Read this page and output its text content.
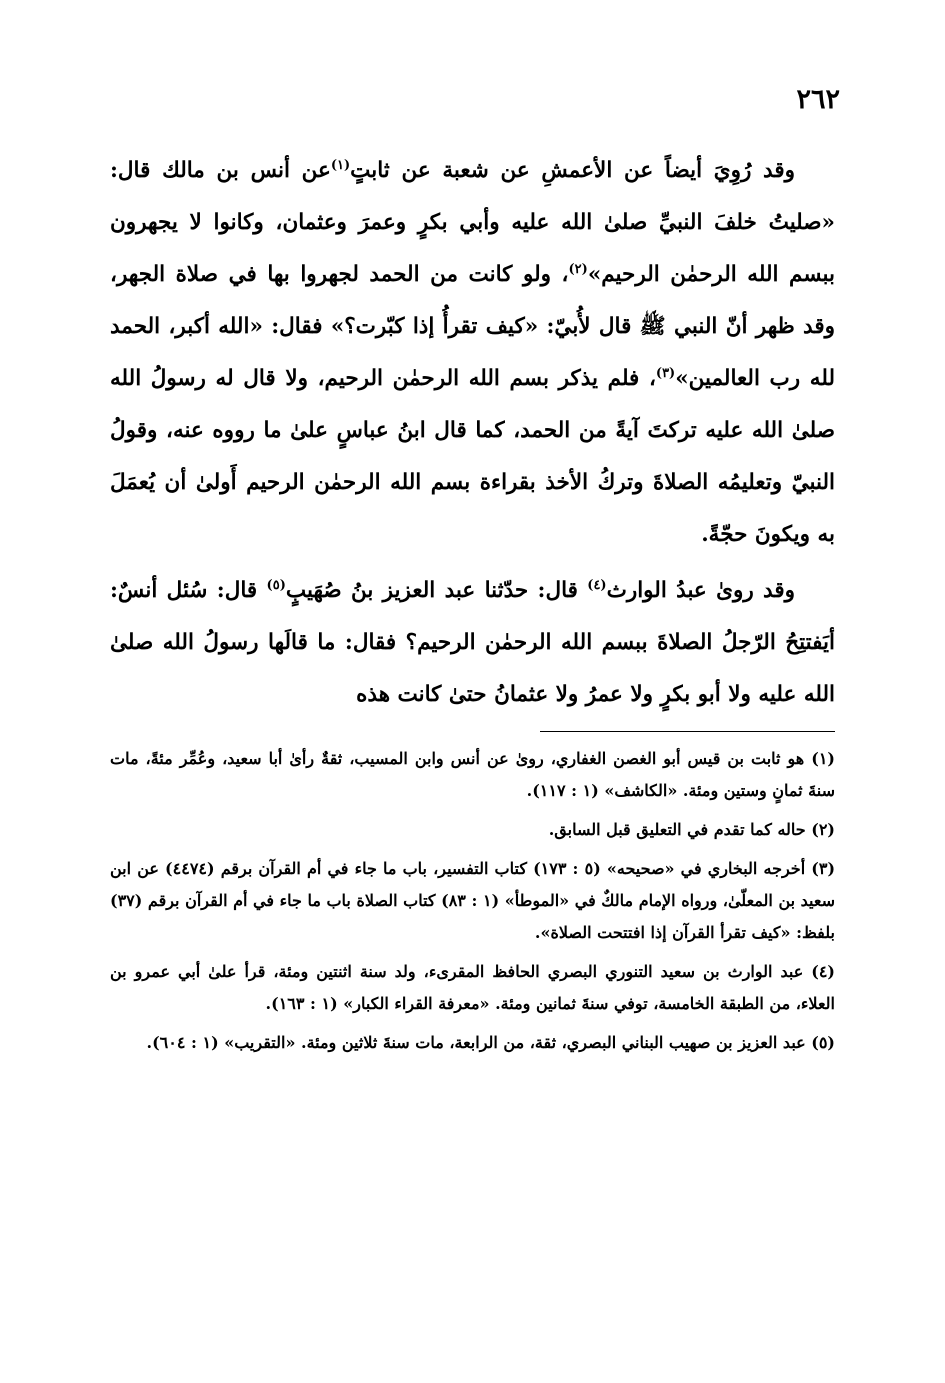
٢٦٢

وقد رُوِيَ أيضاً عن الأعمشِ عن شعبة عن ثابتٍ$^{(١)}$عن أنس بن مالك قال: «صليتُ خلفَ النبيِّ صلىٰ الله عليه وأبي بكرٍ وعمرَ وعثمان، وكانوا لا يجهرون ببسم الله الرحمٰن الرحيم»$^{(٢)}$، ولو كانت من الحمد لجهروا بها في صلاة الجهر، وقد ظهر أنّ النبي ﷺ قال لأُبيّ: «كيف تقرأُ إذا كبّرت؟» فقال: «الله أكبر، الحمد لله رب العالمين»$^{(٣)}$، فلم يذكر بسم الله الرحمٰن الرحيم، ولا قال له رسولُ الله صلىٰ الله عليه تركتَ آيةً من الحمد، كما قال ابنُ عباسٍ علىٰ ما رووه عنه، وقولُ النبيّ وتعليمُه الصلاةَ وتركُ الأخذ بقراءة بسم الله الرحمٰن الرحيم أَولىٰ أن يُعمَلَ به ويكونَ حجّةً.

وقد روىٰ عبدُ الوارث$^{(٤)}$ قال: حدّثنا عبد العزيز بنُ صُهَيبٍ$^{(٥)}$ قال: سُئل أنسٌ: أيَفتتِحُ الرّجلُ الصلاةَ ببسم الله الرحمٰن الرحيم؟ فقال: ما قالَها رسولُ الله صلىٰ الله عليه ولا أبو بكرٍ ولا عمرُ ولا عثمانُ حتىٰ كانت هذه

(١) هو ثابت بن قيس أبو الغصن الغفاري، روىٰ عن أنس وابن المسيب، ثقةٌ رأىٰ أبا سعيد، وعُمِّر مئةً، مات سنةَ ثمانٍ وستين ومئة. «الكاشف» (١ : ١١٧).
(٢) حاله كما تقدم في التعليق قبل السابق.
(٣) أخرجه البخاري في «صحيحه» (٥ : ١٧٣) كتاب التفسير، باب ما جاء في أم القرآن برقم (٤٤٧٤) عن ابن سعيد بن المعلّىٰ، ورواه الإمام مالكٌ في «الموطأ» (١ : ٨٣) كتاب الصلاة باب ما جاء في أم القرآن برقم (٣٧) بلفظ: «كيف تقرأ القرآن إذا افتتحت الصلاة».
(٤) عبد الوارث بن سعيد التنوري البصري الحافظ المقرىء، ولد سنة اثنتين ومئة، قرأ علىٰ أبي عمرو بن العلاء، من الطبقة الخامسة، توفي سنةَ ثمانين ومئة. «معرفة القراء الكبار» (١ : ١٦٣).
(٥) عبد العزيز بن صهيب البناني البصري، ثقة، من الرابعة، مات سنةَ ثلاثين ومئة. «التقريب» (١ : ٦٠٤).
